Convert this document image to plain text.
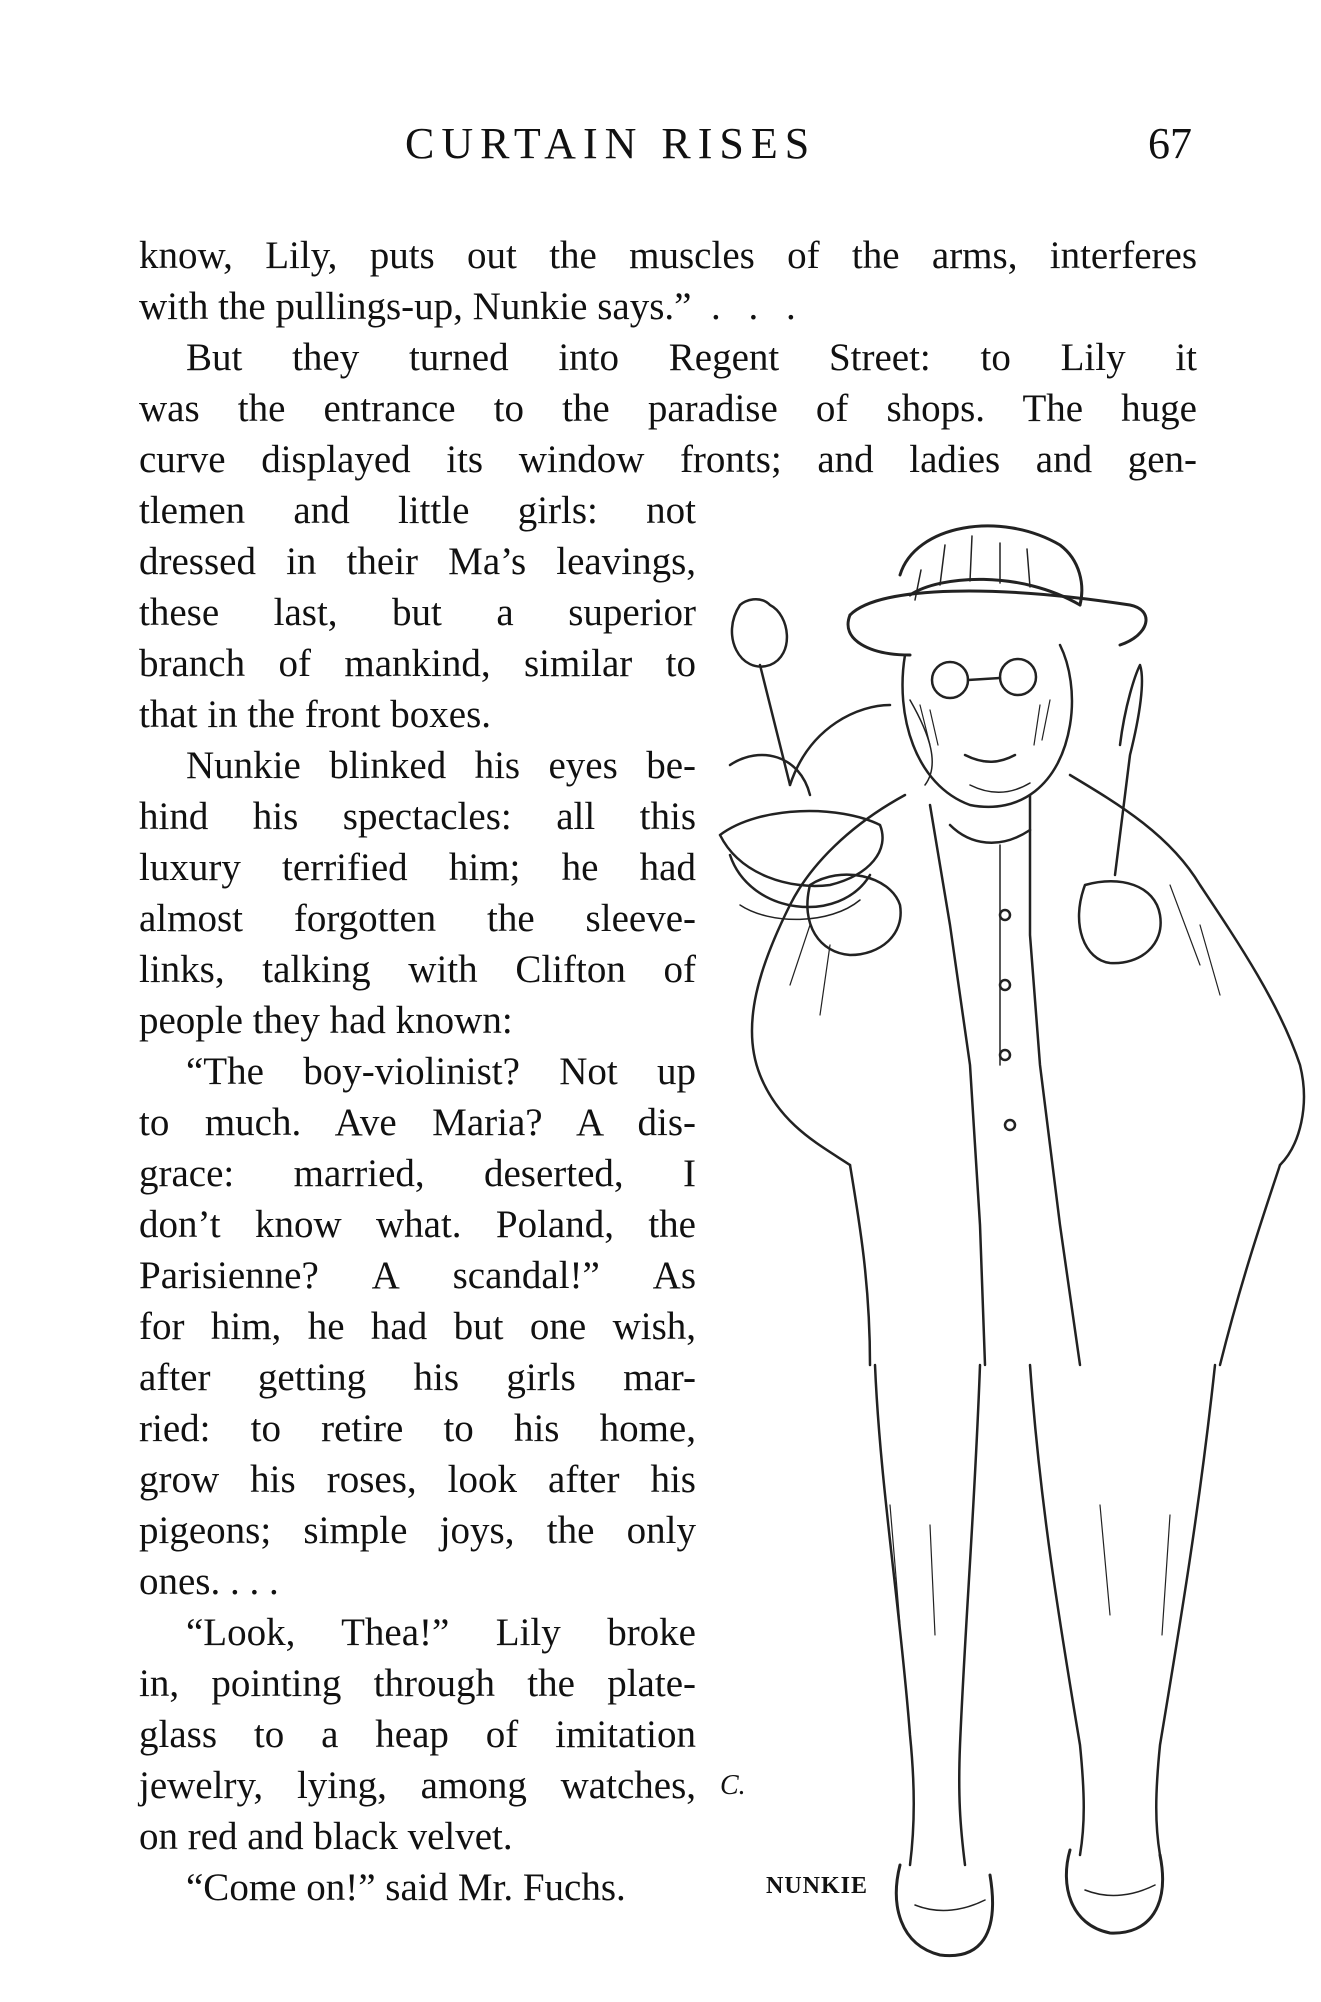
CURTAIN RISES	67
know, Lily, puts out the muscles of the arms, interferes
with the pullings-up, Nunkie says.” . . .
But they turned into Regent Street: to Lily it
was the entrance to the paradise of shops. The huge
curve displayed its window fronts; and ladies and gen-
tlemen and little girls: not
dressed in their Ma’s leavings,
these last, but a superior
branch of mankind, similar to
that in the front boxes.
Nunkie blinked his eyes be-
hind his spectacles: all this
luxury terrified him; he had
almost forgotten the sleeve-
links, talking with Clifton of
people they had known:
“The boy-violinist? Not up
to much. Ave Maria? A dis-
grace: married, deserted, I
don’t know what. Poland, the
Parisienne? A scandal!” As
for him, he had but one wish,
after getting his girls mar-
ried: to retire to his home,
grow his roses, look after his
pigeons; simple joys, the only
ones. . . .
“Look, Thea!” Lily broke
in, pointing through the plate-
glass to a heap of imitation
jewelry, lying, among watches,
on red and black velvet.
“Come on!” said Mr. Fuchs.
C.
NUNKIE
